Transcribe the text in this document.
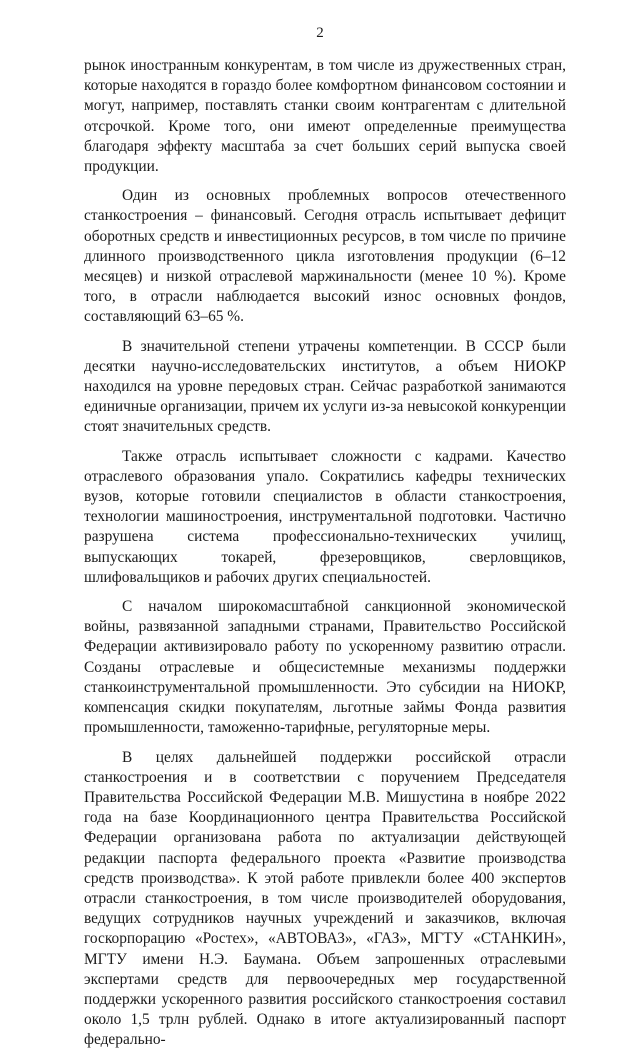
2

рынок иностранным конкурентам, в том числе из дружественных стран, которые находятся в гораздо более комфортном финансовом состоянии и могут, например, поставлять станки своим контрагентам с длительной отсрочкой. Кроме того, они имеют определенные преимущества благодаря эффекту масштаба за счет больших серий выпуска своей продукции.

Один из основных проблемных вопросов отечественного станкостроения – финансовый. Сегодня отрасль испытывает дефицит оборотных средств и инвестиционных ресурсов, в том числе по причине длинного производственного цикла изготовления продукции (6–12 месяцев) и низкой отраслевой маржинальности (менее 10 %). Кроме того, в отрасли наблюдается высокий износ основных фондов, составляющий 63–65 %.

В значительной степени утрачены компетенции. В СССР были десятки научно-исследовательских институтов, а объем НИОКР находился на уровне передовых стран. Сейчас разработкой занимаются единичные организации, причем их услуги из-за невысокой конкуренции стоят значительных средств.

Также отрасль испытывает сложности с кадрами. Качество отраслевого образования упало. Сократились кафедры технических вузов, которые готовили специалистов в области станкостроения, технологии машиностроения, инструментальной подготовки. Частично разрушена система профессионально-технических училищ, выпускающих токарей, фрезеровщиков, сверловщиков, шлифовальщиков и рабочих других специальностей.

С началом широкомасштабной санкционной экономической войны, развязанной западными странами, Правительство Российской Федерации активизировало работу по ускоренному развитию отрасли. Созданы отраслевые и общесистемные механизмы поддержки станкоинструментальной промышленности. Это субсидии на НИОКР, компенсация скидки покупателям, льготные займы Фонда развития промышленности, таможенно-тарифные, регуляторные меры.

В целях дальнейшей поддержки российской отрасли станкостроения и в соответствии с поручением Председателя Правительства Российской Федерации М.В. Мишустина в ноябре 2022 года на базе Координационного центра Правительства Российской Федерации организована работа по актуализации действующей редакции паспорта федерального проекта «Развитие производства средств производства». К этой работе привлекли более 400 экспертов отрасли станкостроения, в том числе производителей оборудования, ведущих сотрудников научных учреждений и заказчиков, включая госкорпорацию «Ростех», «АВТОВАЗ», «ГАЗ», МГТУ «СТАНКИН», МГТУ имени Н.Э. Баумана. Объем запрошенных отраслевыми экспертами средств для первоочередных мер государственной поддержки ускоренного развития российского станкостроения составил около 1,5 трлн рублей. Однако в итоге актуализированный паспорт федерально-
